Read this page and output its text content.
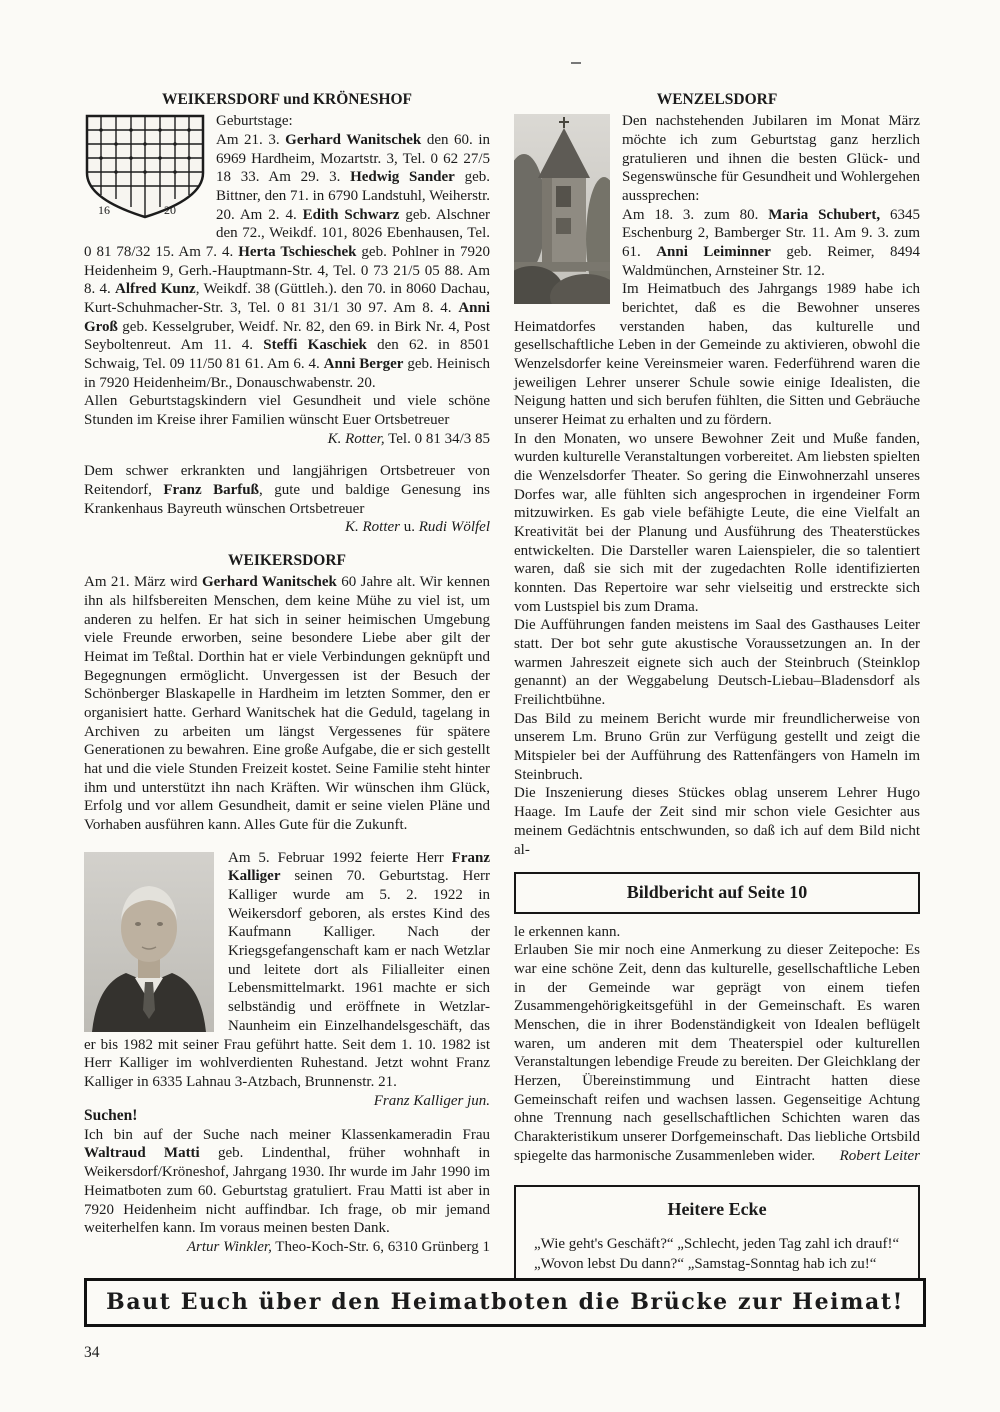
WEIKERSDORF und KRÖNESHOF
16	20

Geburtstage:

Am 21. 3. Gerhard Wanitschek den 60. in 6969 Hardheim, Mozartstr. 3, Tel. 0 62 27/5 18 33. Am 29. 3. Hedwig Sander geb. Bittner, den 71. in 6790 Landstuhl, Weiherstr. 20. Am 2. 4. Edith Schwarz geb. Alschner den 72., Weikdf. 101, 8026 Ebenhausen, Tel. 0 81 78/32 15. Am 7. 4. Herta Tschieschek geb. Pohlner in 7920 Heidenheim 9, Gerh.-Hauptmann-Str. 4, Tel. 0 73 21/5 05 88. Am 8. 4. Alfred Kunz, Weikdf. 38 (Güttleh.). den 70. in 8060 Dachau, Kurt-Schuhmacher-Str. 3, Tel. 0 81 31/1 30 97. Am 8. 4. Anni Groß geb. Kesselgruber, Weidf. Nr. 82, den 69. in Birk Nr. 4, Post Seyboltenreut. Am 11. 4. Steffi Kaschiek den 62. in 8501 Schwaig, Tel. 09 11/50 81 61. Am 6. 4. Anni Berger geb. Heinisch in 7920 Heidenheim/Br., Donauschwabenstr. 20.

Allen Geburtstagskindern viel Gesundheit und viele schöne Stunden im Kreise ihrer Familien wünscht Euer Ortsbetreuer

K. Rotter, Tel. 0 81 34/3 85

Dem schwer erkrankten und langjährigen Ortsbetreuer von Reitendorf, Franz Barfuß, gute und baldige Genesung ins Krankenhaus Bayreuth wünschen Ortsbetreuer

K. Rotter u. Rudi Wölfel

WEIKERSDORF

Am 21. März wird Gerhard Wanitschek 60 Jahre alt. Wir kennen ihn als hilfsbereiten Menschen, dem keine Mühe zu viel ist, um anderen zu helfen. Er hat sich in seiner heimischen Umgebung viele Freunde erworben, seine besondere Liebe aber gilt der Heimat im Teßtal. Dorthin hat er viele Verbindungen geknüpft und Begegnungen ermöglicht. Unvergessen ist der Besuch der Schönberger Blaskapelle in Hardheim im letzten Sommer, den er organisiert hatte. Gerhard Wanitschek hat die Geduld, tagelang in Archiven zu arbeiten um längst Vergessenes für spätere Generationen zu bewahren. Eine große Aufgabe, die er sich gestellt hat und die viele Stunden Freizeit kostet. Seine Familie steht hinter ihm und unterstützt ihn nach Kräften. Wir wünschen ihm Glück, Erfolg und vor allem Gesundheit, damit er seine vielen Pläne und Vorhaben ausführen kann. Alles Gute für die Zukunft.

Am 5. Februar 1992 feierte Herr Franz Kalliger seinen 70. Geburtstag. Herr Kalliger wurde am 5. 2. 1922 in Weikersdorf geboren, als erstes Kind des Kaufmann Kalliger. Nach der Kriegsgefangenschaft kam er nach Wetzlar und leitete dort als Filialleiter einen Lebensmittelmarkt. 1961 machte er sich selbständig und eröffnete in Wetzlar-Naunheim ein Einzelhandelsgeschäft, das er bis 1982 mit seiner Frau geführt hatte. Seit dem 1. 10. 1982 ist Herr Kalliger im wohlverdienten Ruhestand. Jetzt wohnt Franz Kalliger in 6335 Lahnau 3-Atzbach, Brunnenstr. 21.
Franz Kalliger jun.

Suchen!

Ich bin auf der Suche nach meiner Klassenkameradin Frau Waltraud Matti geb. Lindenthal, früher wohnhaft in Weikersdorf/Kröneshof, Jahrgang 1930. Ihr wurde im Jahr 1990 im Heimatboten zum 60. Geburtstag gratuliert. Frau Matti ist aber in 7920 Heidenheim nicht auffindbar. Ich frage, ob mir jemand weiterhelfen kann. Im voraus meinen besten Dank.

Artur Winkler, Theo-Koch-Str. 6, 6310 Grünberg 1

WENZELSDORF

Den nachstehenden Jubilaren im Monat März möchte ich zum Geburtstag ganz herzlich gratulieren und ihnen die besten Glück- und Segenswünsche für Gesundheit und Wohlergehen aussprechen:

Am 18. 3. zum 80. Maria Schubert, 6345 Eschenburg 2, Bamberger Str. 11. Am 9. 3. zum 61. Anni Leiminner geb. Reimer, 8494 Waldmünchen, Arnsteiner Str. 12.

Im Heimatbuch des Jahrgangs 1989 habe ich berichtet, daß es die Bewohner unseres Heimatdorfes verstanden haben, das kulturelle und gesellschaftliche Leben in der Gemeinde zu aktivieren, obwohl die Wenzelsdorfer keine Vereinsmeier waren. Federführend waren die jeweiligen Lehrer unserer Schule sowie einige Idealisten, die Neigung hatten und sich berufen fühlten, die Sitten und Gebräuche unserer Heimat zu erhalten und zu fördern.

In den Monaten, wo unsere Bewohner Zeit und Muße fanden, wurden kulturelle Veranstaltungen vorbereitet. Am liebsten spielten die Wenzelsdorfer Theater. So gering die Einwohnerzahl unseres Dorfes war, alle fühlten sich angesprochen in irgendeiner Form mitzuwirken. Es gab viele befähigte Leute, die eine Vielfalt an Kreativität bei der Planung und Ausführung des Theaterstückes entwickelten. Die Darsteller waren Laienspieler, die so talentiert waren, daß sie sich mit der zugedachten Rolle identifizierten konnten. Das Repertoire war sehr vielseitig und erstreckte sich vom Lustspiel bis zum Drama.

Die Aufführungen fanden meistens im Saal des Gasthauses Leiter statt. Der bot sehr gute akustische Voraussetzungen an. In der warmen Jahreszeit eignete sich auch der Steinbruch (Steinklop genannt) an der Weggabelung Deutsch-Liebau–Bladensdorf als Freilichtbühne.

Das Bild zu meinem Bericht wurde mir freundlicherweise von unserem Lm. Bruno Grün zur Verfügung gestellt und zeigt die Mitspieler bei der Aufführung des Rattenfängers von Hameln im Steinbruch.

Die Inszenierung dieses Stückes oblag unserem Lehrer Hugo Haage. Im Laufe der Zeit sind mir schon viele Gesichter aus meinem Gedächtnis entschwunden, so daß ich auf dem Bild nicht al-

Bildbericht auf Seite 10

le erkennen kann.

Erlauben Sie mir noch eine Anmerkung zu dieser Zeitepoche: Es war eine schöne Zeit, denn das kulturelle, gesellschaftliche Leben in der Gemeinde war geprägt von einem tiefen Zusammengehörigkeitsgefühl in der Gemeinschaft. Es waren Menschen, die in ihrer Bodenständigkeit von Idealen beflügelt waren, um anderen mit dem Theaterspiel oder kulturellen Veranstaltungen lebendige Freude zu bereiten. Der Gleichklang der Herzen, Übereinstimmung und Eintracht hatten diese Gemeinschaft reifen und wachsen lassen. Gegenseitige Achtung ohne Trennung nach gesellschaftlichen Schichten waren das Charakteristikum unserer Dorfgemeinschaft. Das liebliche Ortsbild spiegelte das harmonische Zusammenleben wider. Robert Leiter

Heitere Ecke

„Wie geht's Geschäft?“ „Schlecht, jeden Tag zahl ich drauf!“

„Wovon lebst Du dann?“ „Samstag-Sonntag hab ich zu!“

Baut Euch über den Heimatboten die Brücke zur Heimat!
34
